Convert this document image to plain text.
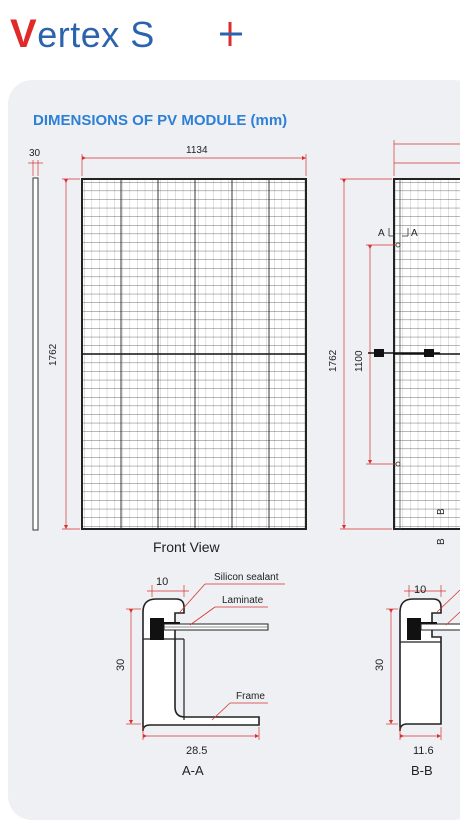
Vertex S
DIMENSIONS OF PV MODULE (mm)
30	1134
1762
Front View
1762 1100
A	A
B
B
10
30
28.5
Silicon sealant
Laminate
Frame
A-A
10
30
11.6
B-B
